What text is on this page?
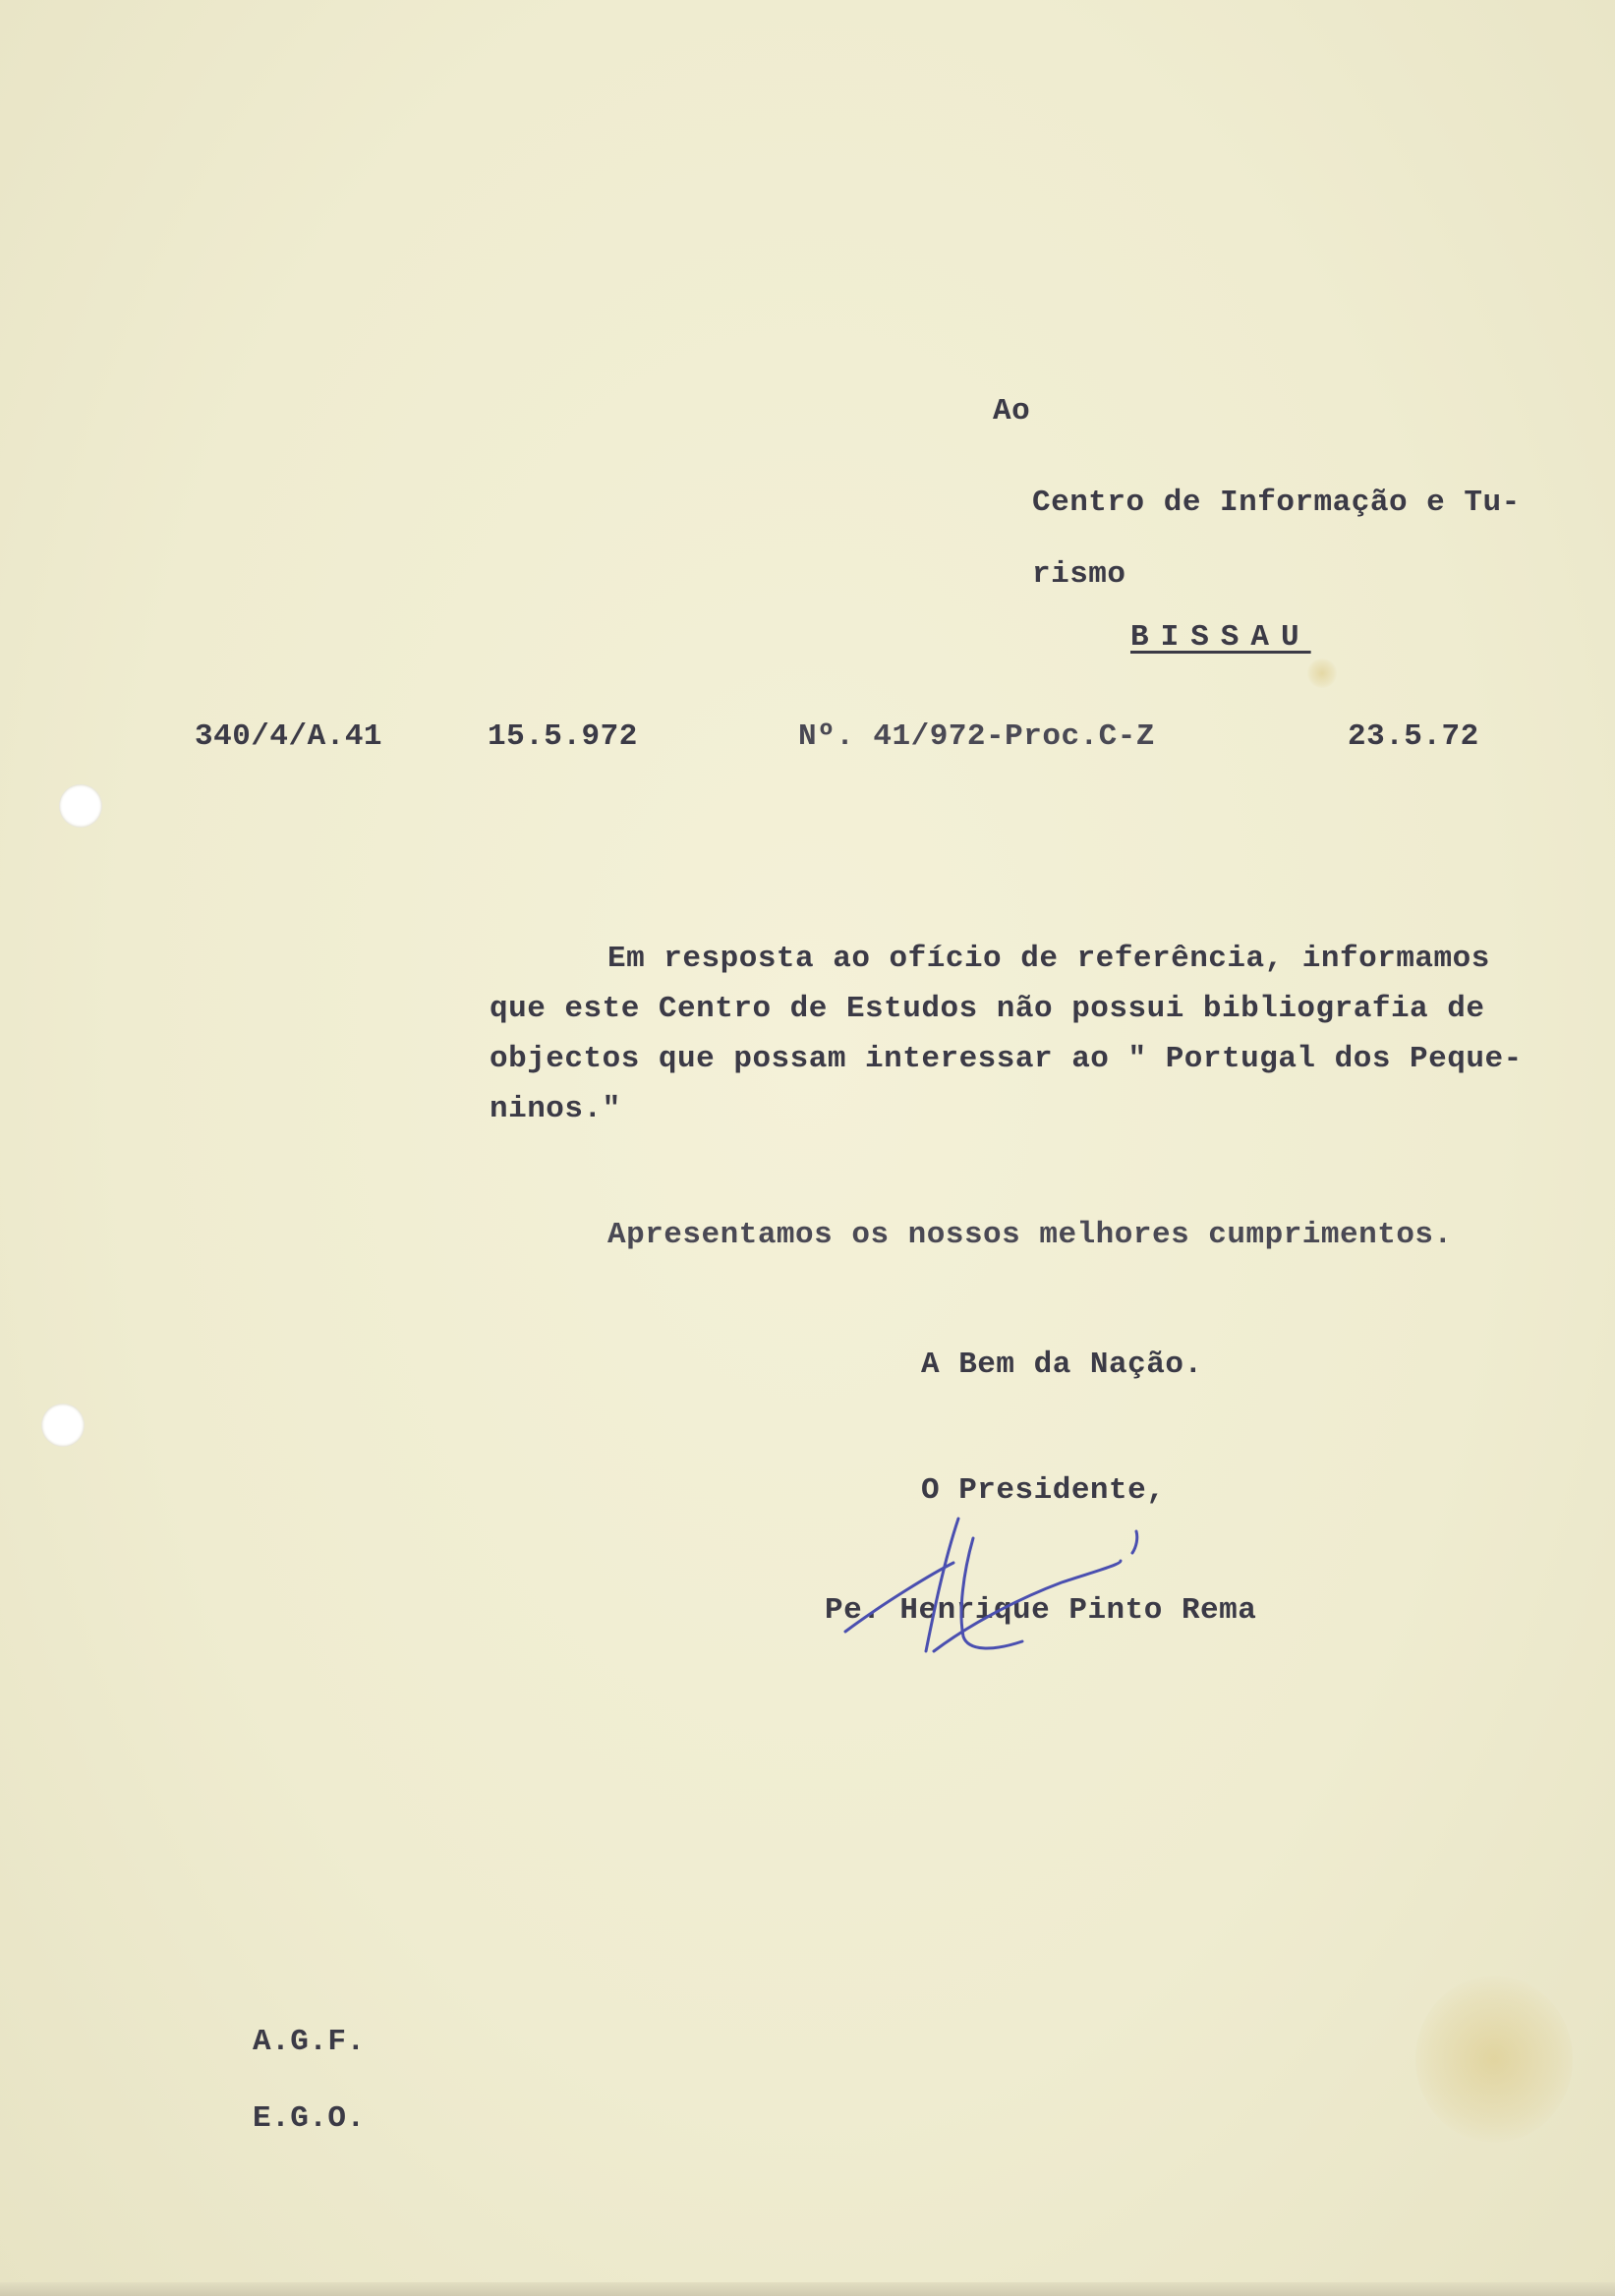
Ao

Centro de Informação e Tu-

rismo

BISSAU

340/4/A.41	15.5.972	Nº. 41/972-Proc.C-Z	23.5.72

Em resposta ao ofício de referência, informamos

que este Centro de Estudos não possui bibliografia de

objectos que possam interessar ao " Portugal dos Peque-

ninos."

Apresentamos os nossos melhores cumprimentos.

A Bem da Nação.

O Presidente,

Pe. Henrique Pinto Rema

A.G.F.

E.G.O.
